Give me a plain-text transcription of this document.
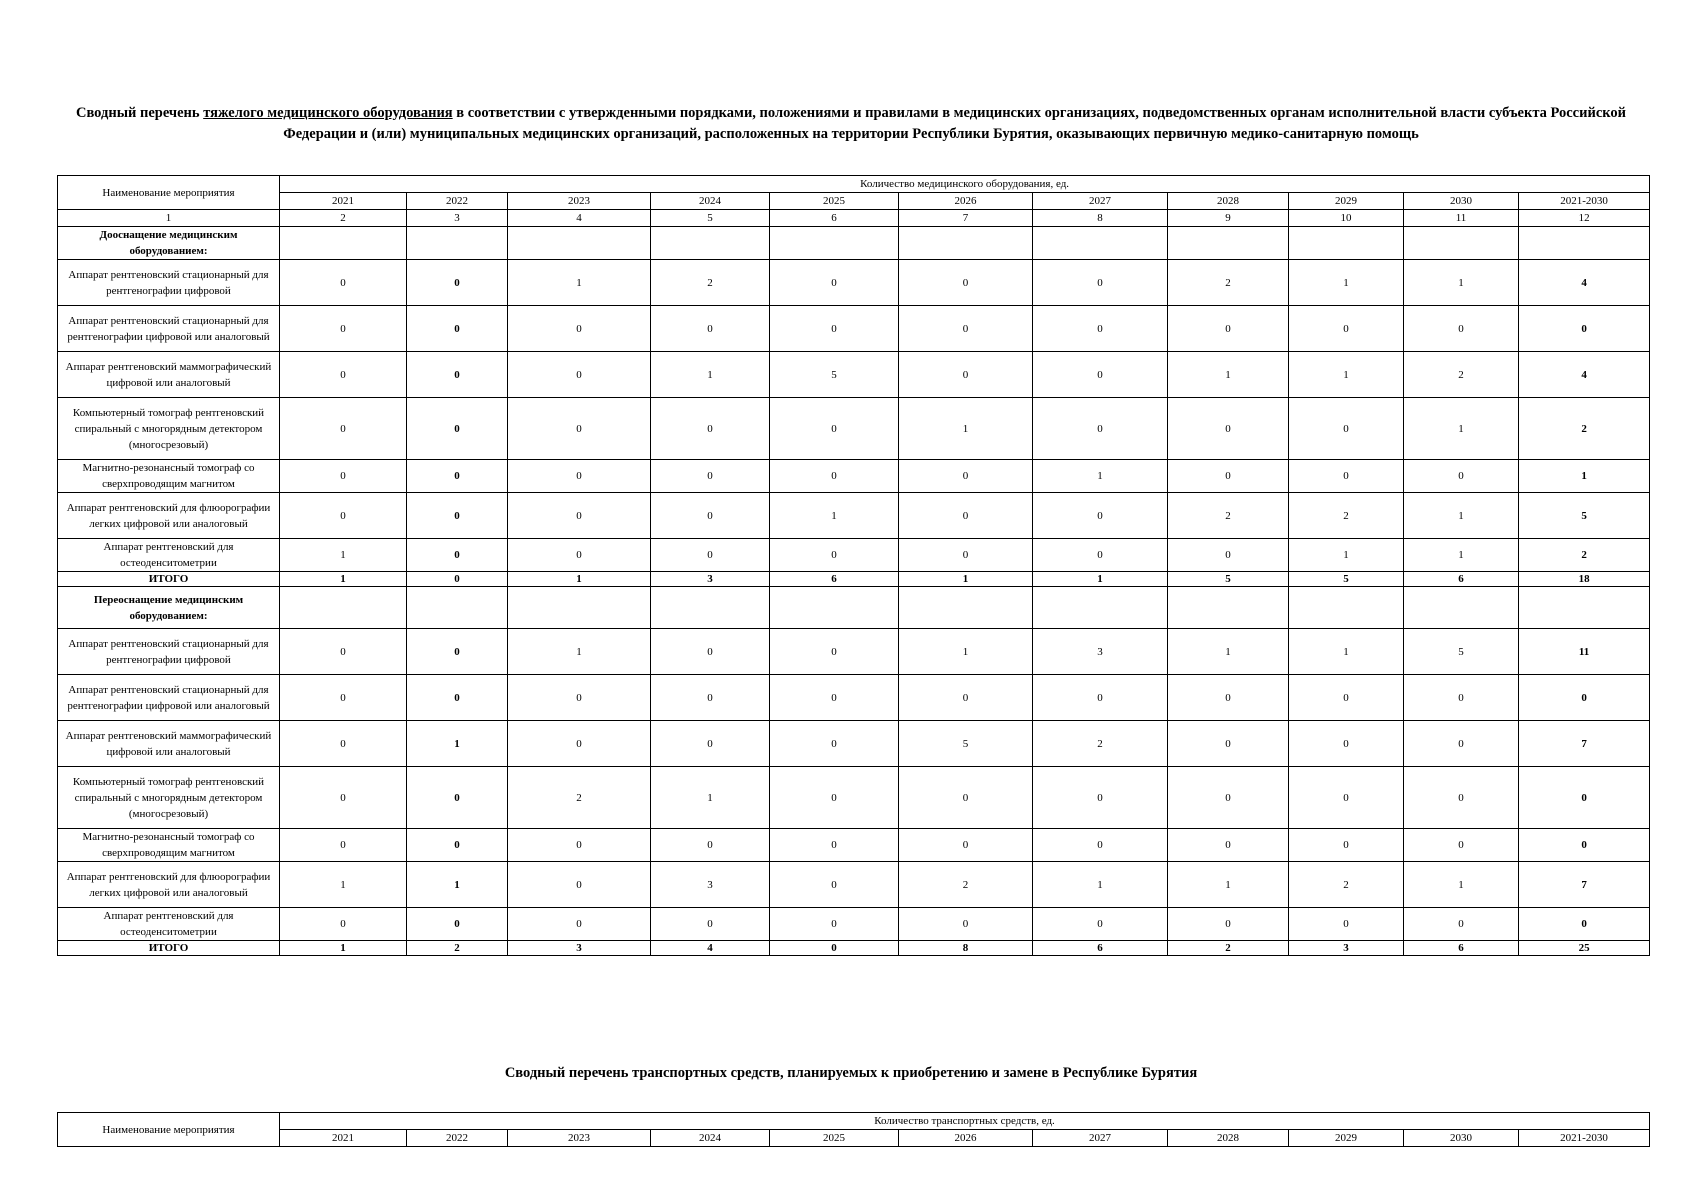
Сводный перечень тяжелого медицинского оборудования в соответствии с утвержденными порядками, положениями и правилами в медицинских организациях, подведомственных органам исполнительной власти субъекта Российской Федерации и (или) муниципальных медицинских организаций, расположенных на территории Республики Бурятия, оказывающих первичную медико-санитарную помощь
Наименование мероприятия	Количество медицинского оборудования, ед.										
	2021	2022	2023	2024	2025	2026	2027	2028	2029	2030	2021-2030
1	2	3	4	5	6	7	8	9	10	11	12
Дооснащение медицинским оборудованием:											
Аппарат рентгеновский стационарный для рентгенографии цифровой	0	0	1	2	0	0	0	2	1	1	4
Аппарат рентгеновский стационарный для рентгенографии цифровой или аналоговый	0	0	0	0	0	0	0	0	0	0	0
Аппарат рентгеновский маммографический цифровой или аналоговый	0	0	0	1	5	0	0	1	1	2	4
Компьютерный томограф рентгеновский спиральный с многорядным детектором (многосрезовый)	0	0	0	0	0	1	0	0	0	1	2
Магнитно-резонансный томограф со сверхпроводящим магнитом	0	0	0	0	0	0	1	0	0	0	1
Аппарат рентгеновский для флюорографии легких цифровой или аналоговый	0	0	0	0	1	0	0	2	2	1	5
Аппарат рентгеновский для остеоденситометрии	1	0	0	0	0	0	0	0	1	1	2
ИТОГО	1	0	1	3	6	1	1	5	5	6	18
Переоснащение медицинским оборудованием:											
Аппарат рентгеновский стационарный для рентгенографии цифровой	0	0	1	0	0	1	3	1	1	5	11
Аппарат рентгеновский стационарный для рентгенографии цифровой или аналоговый	0	0	0	0	0	0	0	0	0	0	0
Аппарат рентгеновский маммографический цифровой или аналоговый	0	1	0	0	0	5	2	0	0	0	7
Компьютерный томограф рентгеновский спиральный с многорядным детектором (многосрезовый)	0	0	2	1	0	0	0	0	0	0	0
Магнитно-резонансный томограф со сверхпроводящим магнитом	0	0	0	0	0	0	0	0	0	0	0
Аппарат рентгеновский для флюорографии легких цифровой или аналоговый	1	1	0	3	0	2	1	1	2	1	7
Аппарат рентгеновский для остеоденситометрии	0	0	0	0	0	0	0	0	0	0	0
ИТОГО	1	2	3	4	0	8	6	2	3	6	25
Сводный перечень транспортных средств, планируемых к приобретению и замене в Республике Бурятия
Наименование мероприятия	Количество транспортных средств, ед.										
	2021	2022	2023	2024	2025	2026	2027	2028	2029	2030	2021-2030
